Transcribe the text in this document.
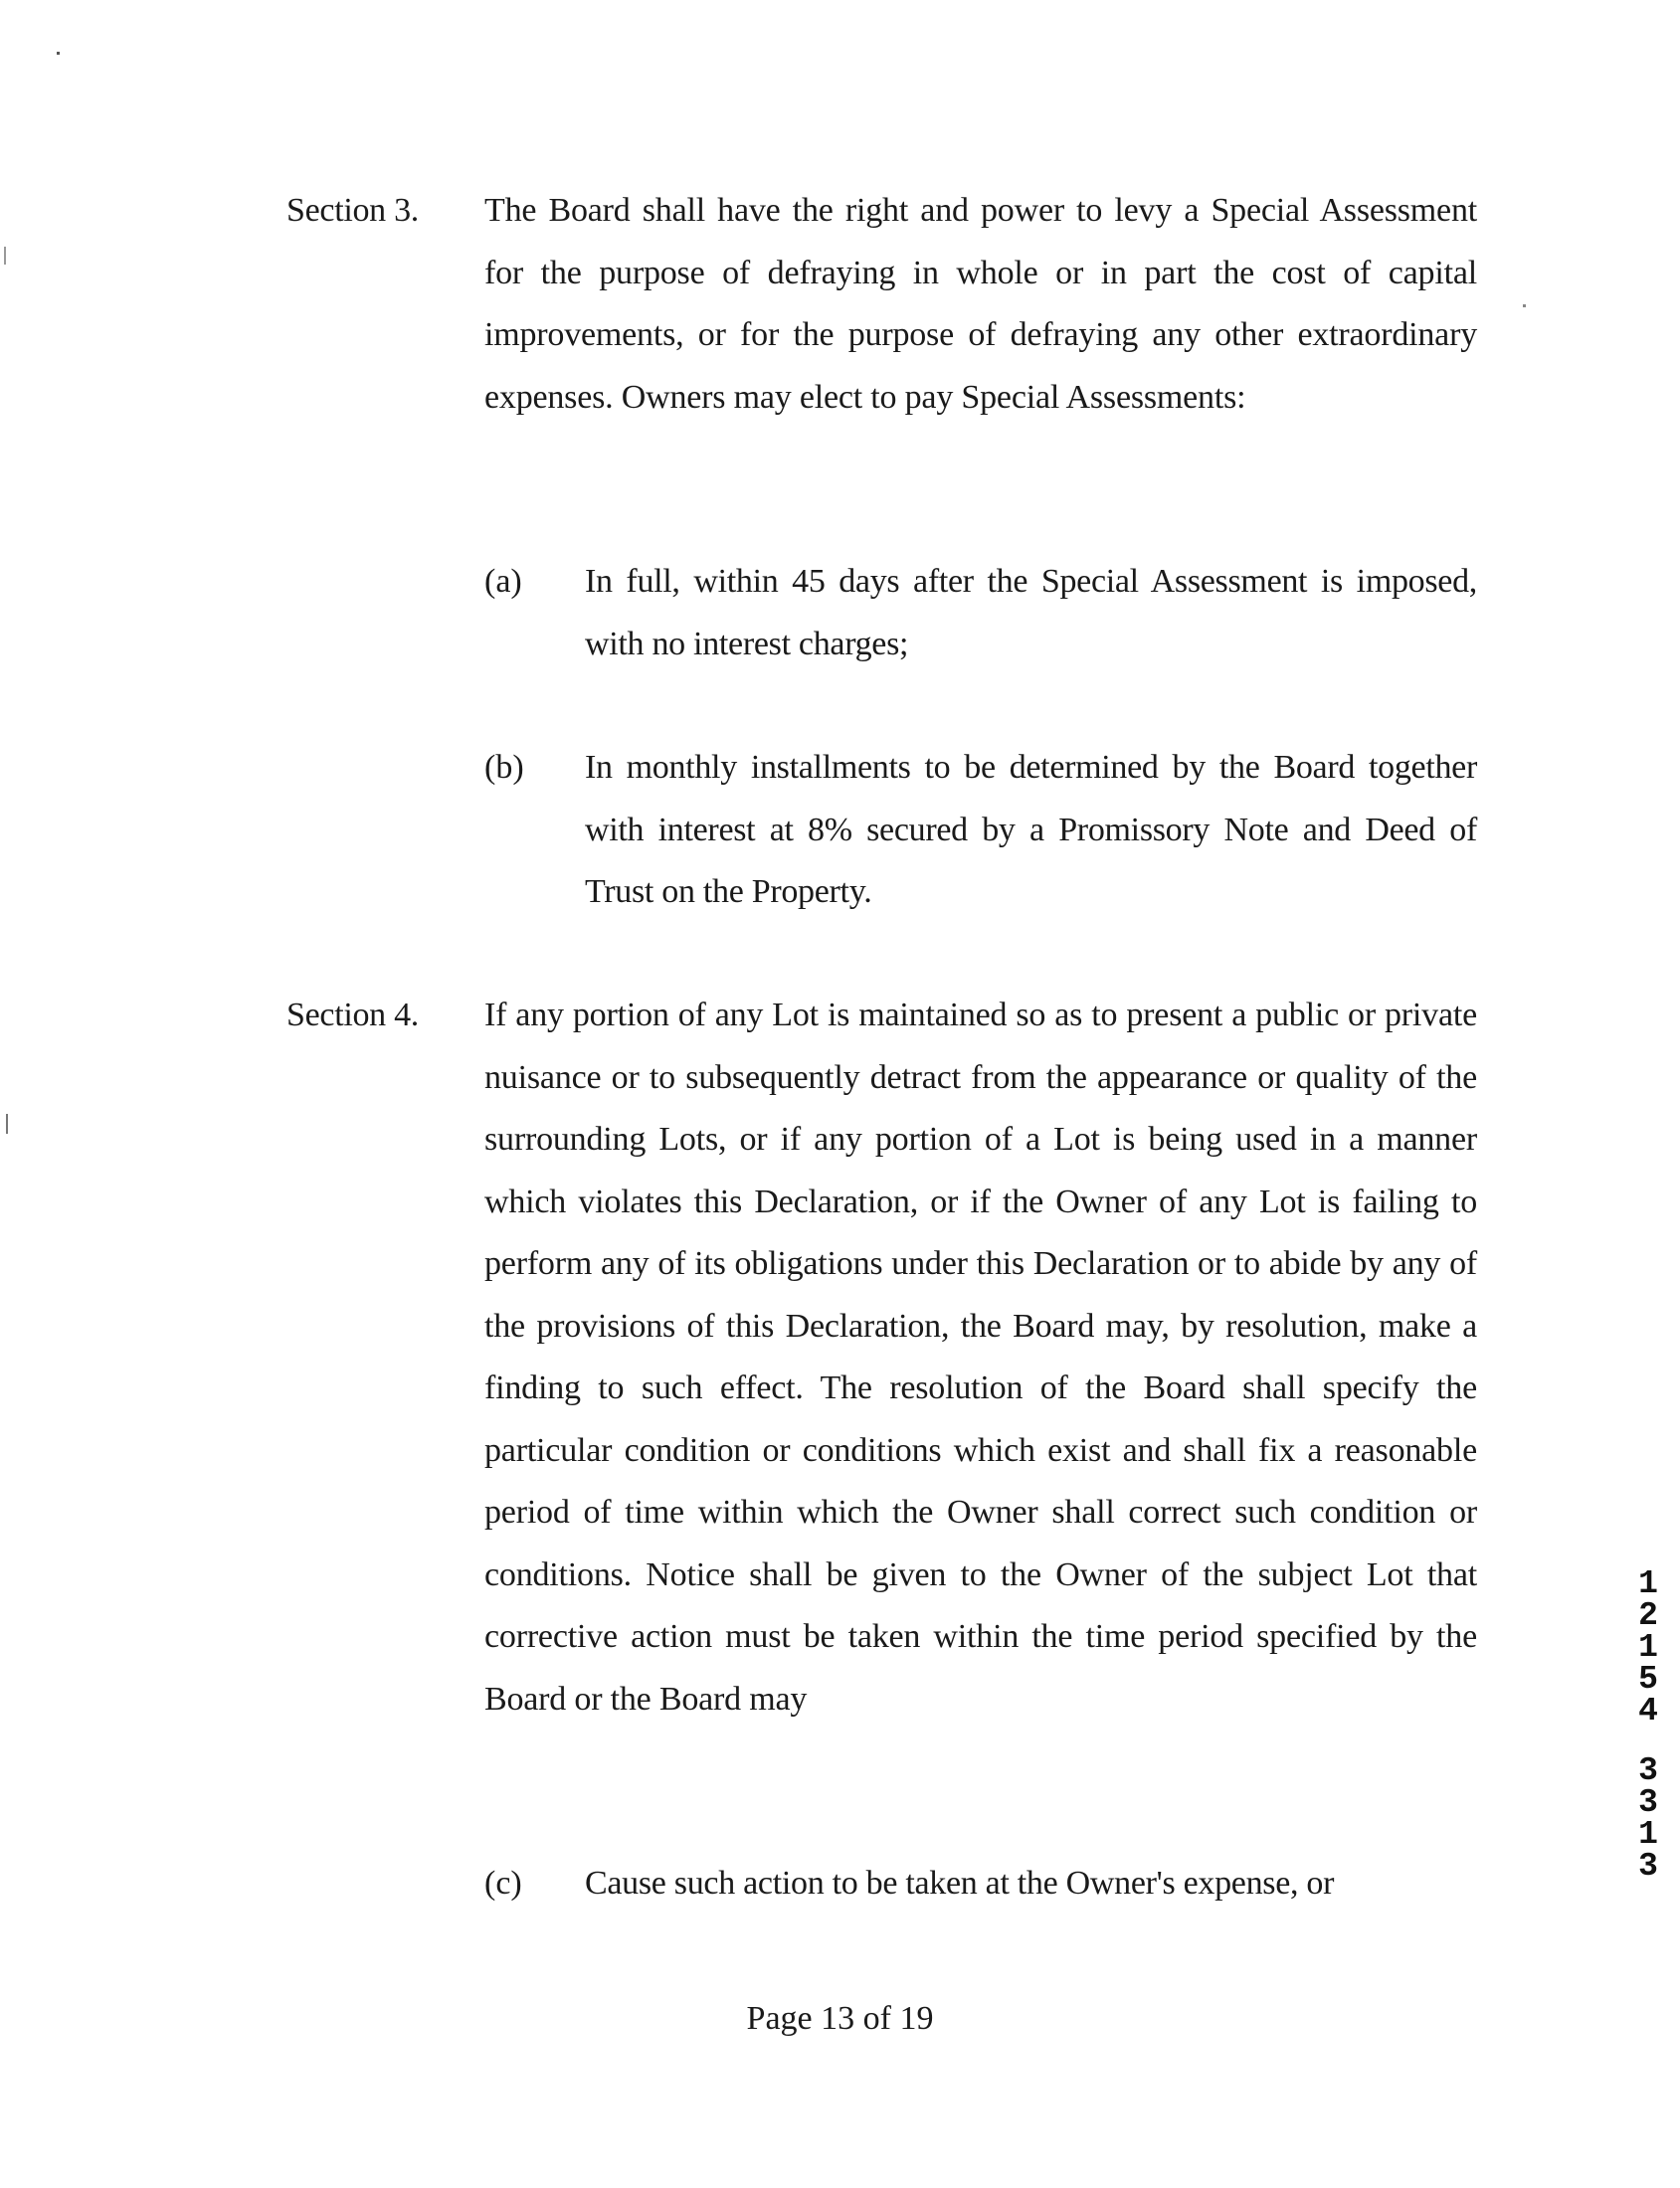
Section 3. The Board shall have the right and power to levy a Special Assessment for the purpose of defraying in whole or in part the cost of capital improvements, or for the purpose of defraying any other extraordinary expenses. Owners may elect to pay Special Assessments:
(a) In full, within 45 days after the Special Assessment is imposed, with no interest charges;
(b) In monthly installments to be determined by the Board together with interest at 8% secured by a Promissory Note and Deed of Trust on the Property.
Section 4. If any portion of any Lot is maintained so as to present a public or private nuisance or to subsequently detract from the appearance or quality of the surrounding Lots, or if any portion of a Lot is being used in a manner which violates this Declaration, or if the Owner of any Lot is failing to perform any of its obligations under this Declaration or to abide by any of the provisions of this Declaration, the Board may, by resolution, make a finding to such effect. The resolution of the Board shall specify the particular condition or conditions which exist and shall fix a reasonable period of time within which the Owner shall correct such condition or conditions. Notice shall be given to the Owner of the subject Lot that corrective action must be taken within the time period specified by the Board or the Board may
(c) Cause such action to be taken at the Owner's expense, or
Page 13 of 19
1
2
1
5
4
3
3
1
3
